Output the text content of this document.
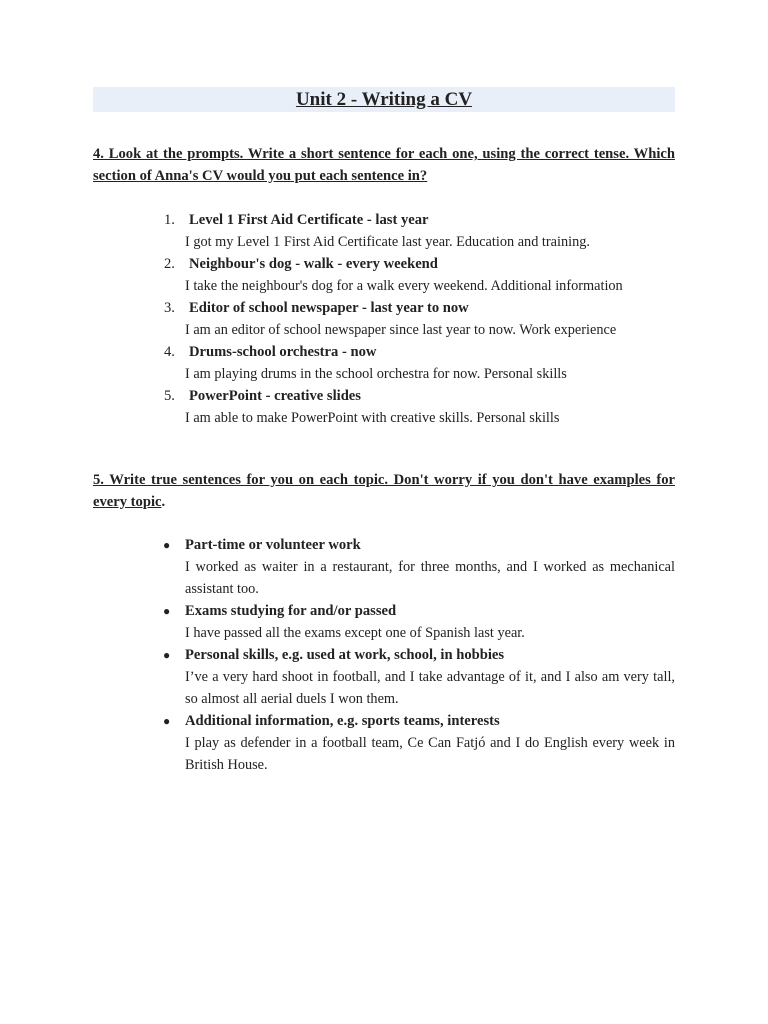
Unit 2 - Writing a CV

4. Look at the prompts. Write a short sentence for each one, using the correct tense. Which section of Anna's CV would you put each sentence in?

1. Level 1 First Aid Certificate - last year
I got my Level 1 First Aid Certificate last year. Education and training.
2. Neighbour's dog - walk - every weekend
I take the neighbour's dog for a walk every weekend. Additional information
3. Editor of school newspaper - last year to now
I am an editor of school newspaper since last year to now. Work experience
4. Drums-school orchestra - now
I am playing drums in the school orchestra for now. Personal skills
5. PowerPoint - creative slides
I am able to make PowerPoint with creative skills. Personal skills

5. Write true sentences for you on each topic. Don't worry if you don't have examples for every topic.

● Part-time or volunteer work
I worked as waiter in a restaurant, for three months, and I worked as mechanical assistant too.
● Exams studying for and/or passed
I have passed all the exams except one of Spanish last year.
● Personal skills, e.g. used at work, school, in hobbies
I’ve a very hard shoot in football, and I take advantage of it, and I also am very tall, so almost all aerial duels I won them.
● Additional information, e.g. sports teams, interests
I play as defender in a football team, Ce Can Fatjó and I do English every week in British House.
